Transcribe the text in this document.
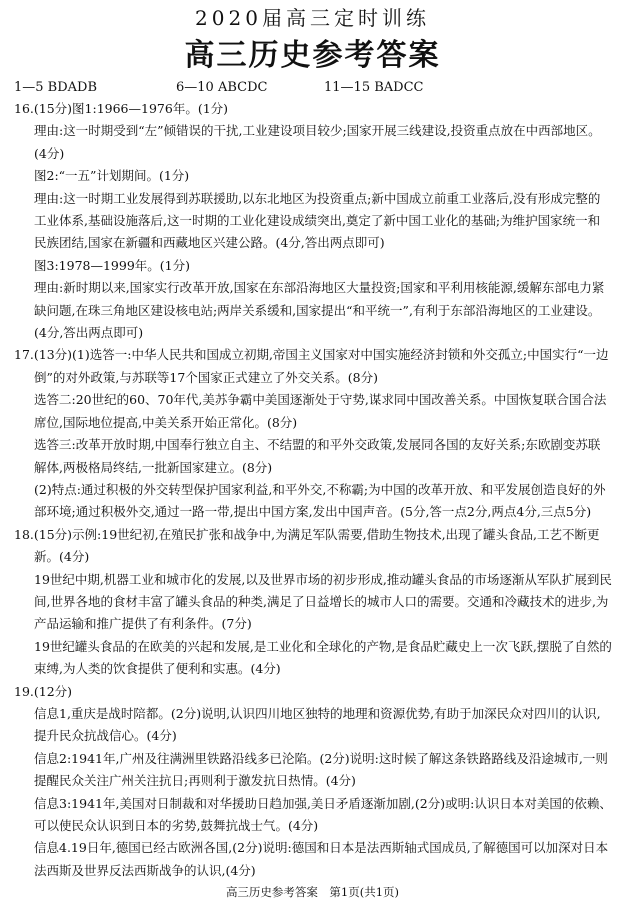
2020届高三定时训练
高三历史参考答案

1—5 BDADB

	6—10 ABCDC

	11—15 BADCC

16.(15分)图1:1966—1976年。(1分)

理由:这一时期受到“左”倾错误的干扰,工业建设项目较少;国家开展三线建设,投资重点放在中西部地区。(4分)

图2:“一五”计划期间。(1分)

理由:这一时期工业发展得到苏联援助,以东北地区为投资重点;新中国成立前重工业落后,没有形成完整的工业体系,基础设施落后,这一时期的工业化建设成绩突出,奠定了新中国工业化的基础;为维护国家统一和民族团结,国家在新疆和西藏地区兴建公路。(4分,答出两点即可)

图3:1978—1999年。(1分)

理由:新时期以来,国家实行改革开放,国家在东部沿海地区大量投资;国家和平利用核能源,缓解东部电力紧缺问题,在珠三角地区建设核电站;两岸关系缓和,国家提出“和平统一”,有利于东部沿海地区的工业建设。(4分,答出两点即可)

17.(13分)(1)选答一:中华人民共和国成立初期,帝国主义国家对中国实施经济封锁和外交孤立;中国实行“一边倒”的对外政策,与苏联等17个国家正式建立了外交关系。(8分)

选答二:20世纪的60、70年代,美苏争霸中美国逐渐处于守势,谋求同中国改善关系。中国恢复联合国合法席位,国际地位提高,中美关系开始正常化。(8分)

选答三:改革开放时期,中国奉行独立自主、不结盟的和平外交政策,发展同各国的友好关系;东欧剧变苏联解体,两极格局终结,一批新国家建立。(8分)

(2)特点:通过积极的外交转型保护国家利益,和平外交,不称霸;为中国的改革开放、和平发展创造良好的外部环境;通过积极外交,通过一路一带,提出中国方案,发出中国声音。(5分,答一点2分,两点4分,三点5分)

18.(15分)示例:19世纪初,在殖民扩张和战争中,为满足军队需要,借助生物技术,出现了罐头食品,工艺不断更新。(4分)

19世纪中期,机器工业和城市化的发展,以及世界市场的初步形成,推动罐头食品的市场逐渐从军队扩展到民间,世界各地的食材丰富了罐头食品的种类,满足了日益增长的城市人口的需要。交通和冷藏技术的进步,为产品运输和推广提供了有利条件。(7分)

19世纪罐头食品的在欧美的兴起和发展,是工业化和全球化的产物,是食品贮藏史上一次飞跃,摆脱了自然的束缚,为人类的饮食提供了便利和实惠。(4分)

19.(12分)

信息1,重庆是战时陪都。(2分)说明,认识四川地区独特的地理和资源优势,有助于加深民众对四川的认识,提升民众抗战信心。(4分)

信息2:1941年,广州及往满洲里铁路沿线多已沦陷。(2分)说明:这时候了解这条铁路路线及沿途城市,一则提醒民众关注广州关注抗日;再则利于激发抗日热情。(4分)

信息3:1941年,美国对日制裁和对华援助日趋加强,美日矛盾逐渐加剧,(2分)或明:认识日本对美国的依赖、可以使民众认识到日本的劣势,鼓舞抗战士气。(4分)

信息4.19日年,德国已经古欧洲各国,(2分)说明:德国和日本是法西斯轴式国成员,了解德国可以加深对日本法西斯及世界反法西斯战争的认识,(4分)

高三历史参考答案　第1页(共1页)
